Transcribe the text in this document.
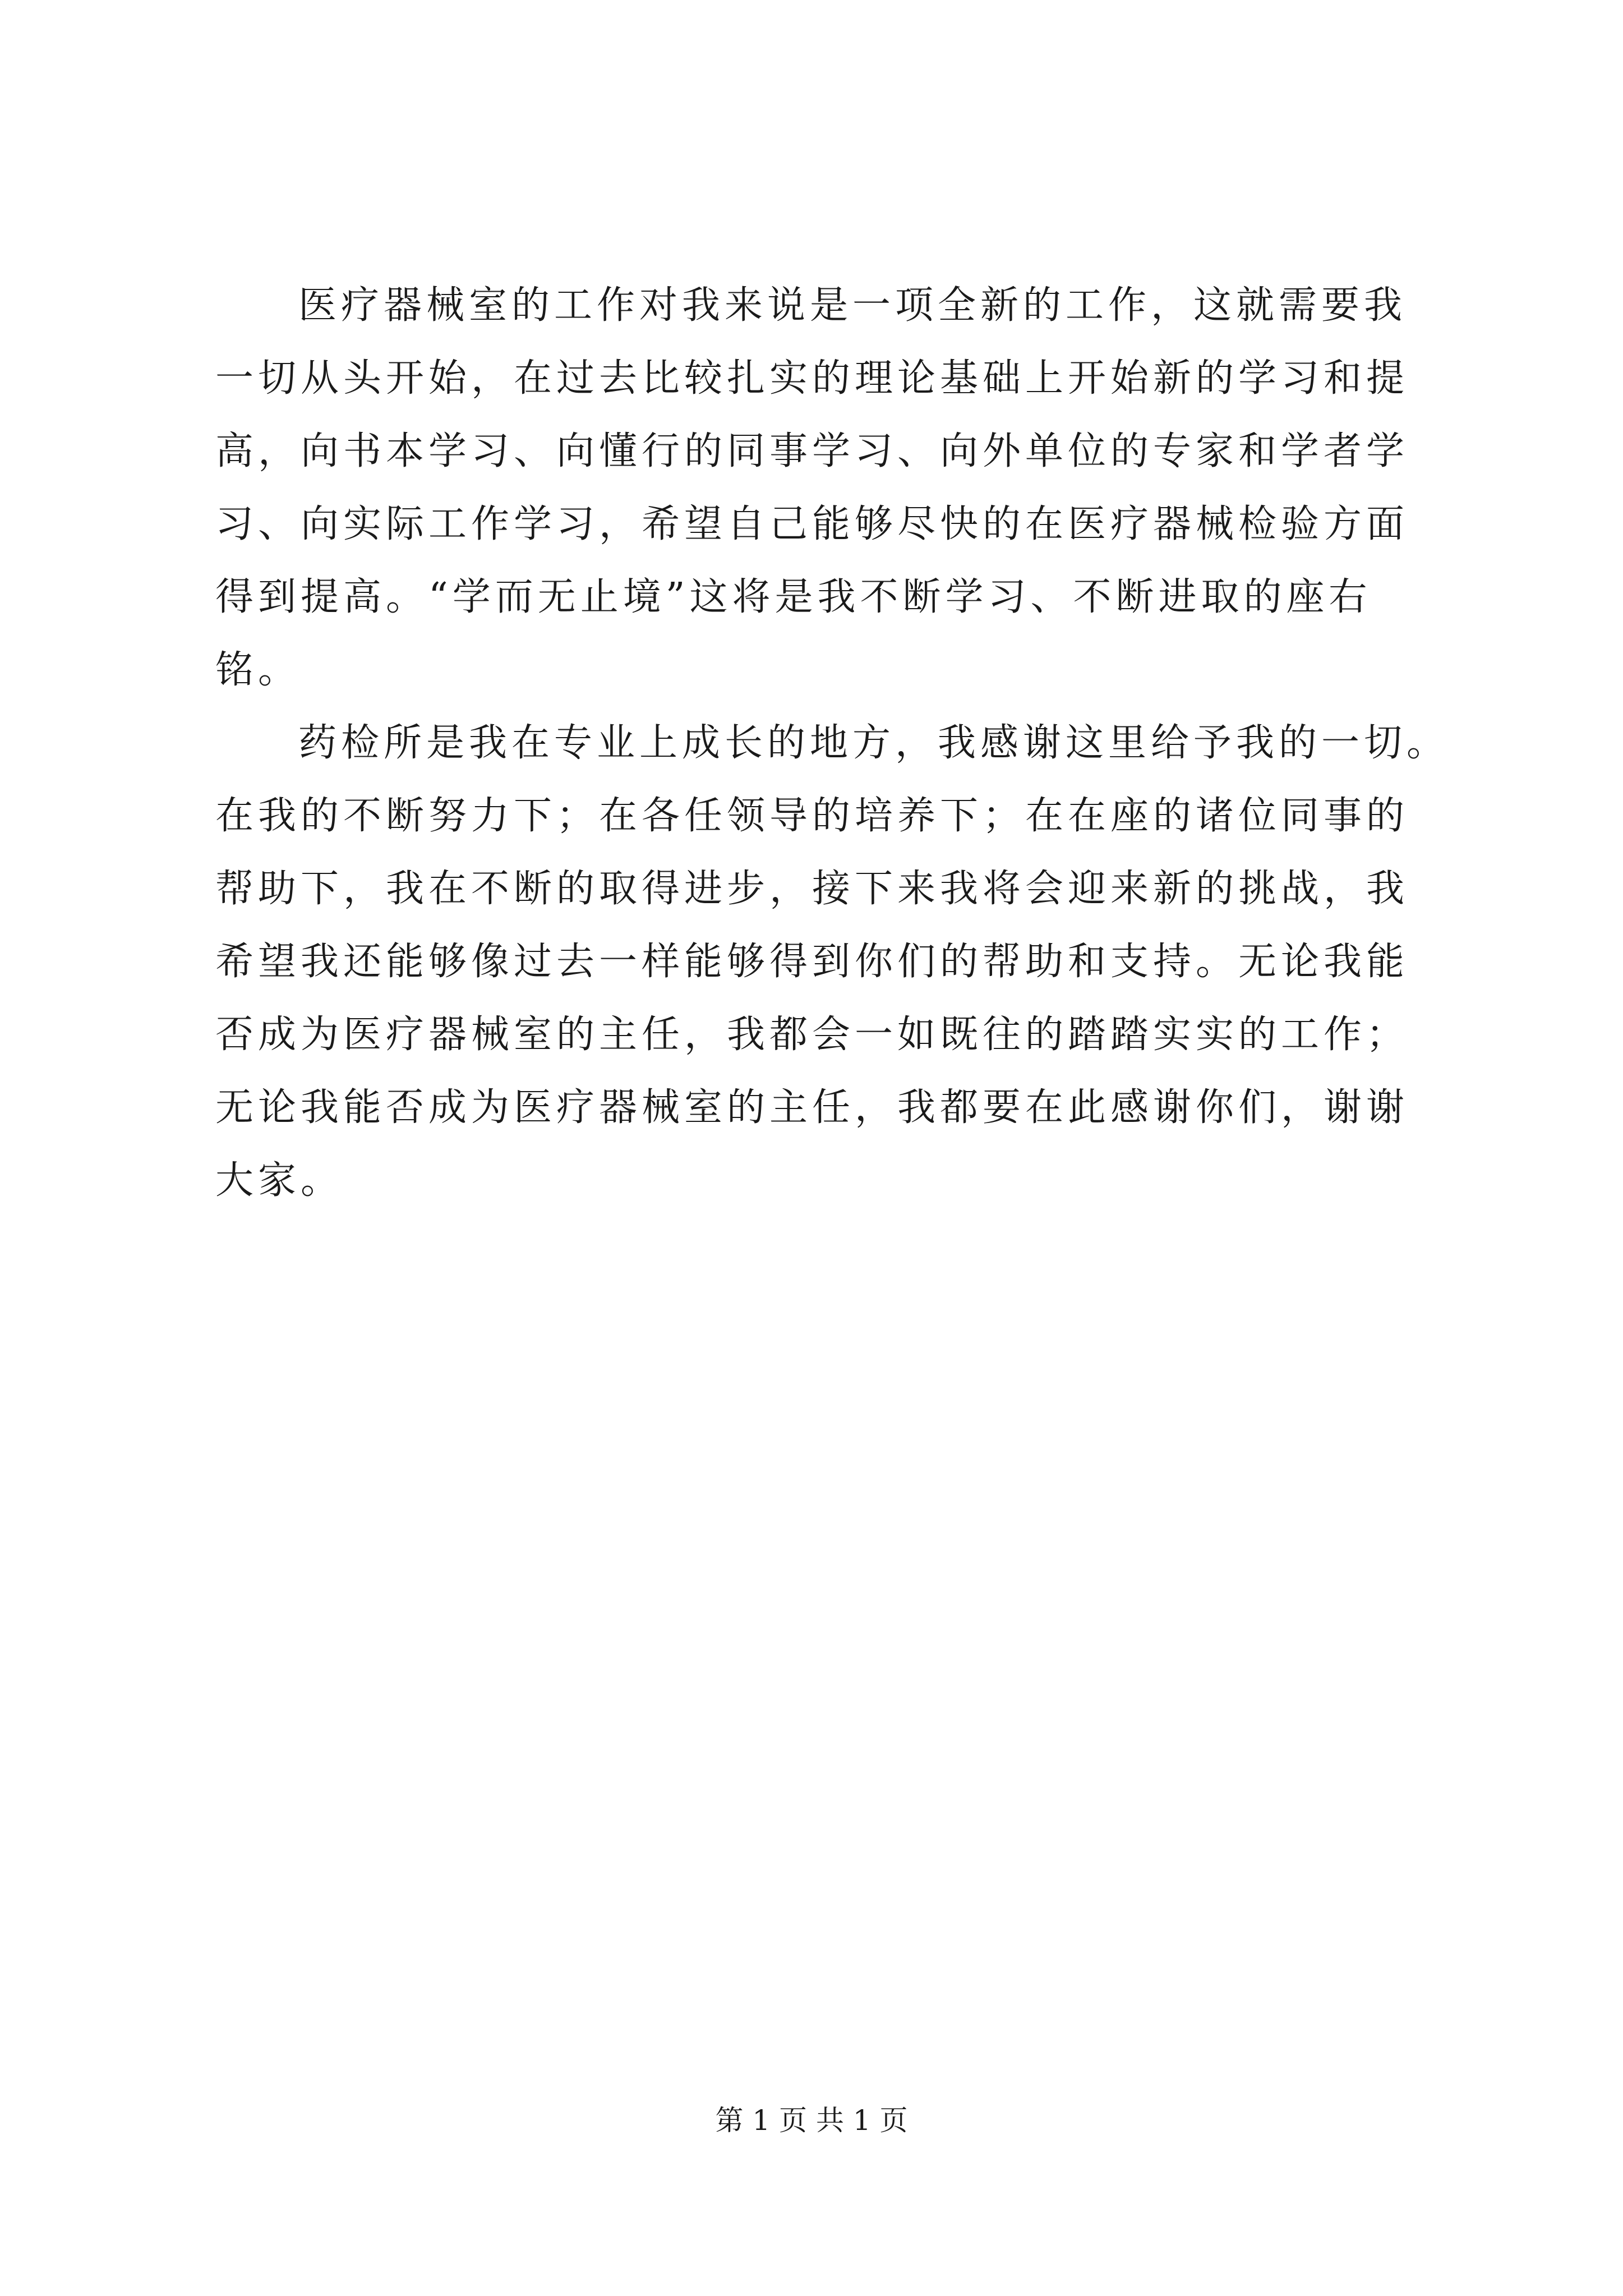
医疗器械室的工作对我来说是一项全新的工作，这就需要我
一切从头开始，在过去比较扎实的理论基础上开始新的学习和提
高，向书本学习、向懂行的同事学习、向外单位的专家和学者学
习、向实际工作学习，希望自己能够尽快的在医疗器械检验方面
得到提高。“学而无止境”这将是我不断学习、不断进取的座右
铭。
药检所是我在专业上成长的地方，我感谢这里给予我的一切。
在我的不断努力下；在各任领导的培养下；在在座的诸位同事的
帮助下，我在不断的取得进步，接下来我将会迎来新的挑战，我
希望我还能够像过去一样能够得到你们的帮助和支持。无论我能
否成为医疗器械室的主任，我都会一如既往的踏踏实实的工作；
无论我能否成为医疗器械室的主任，我都要在此感谢你们，谢谢
大家。
第 1 页 共 1 页
